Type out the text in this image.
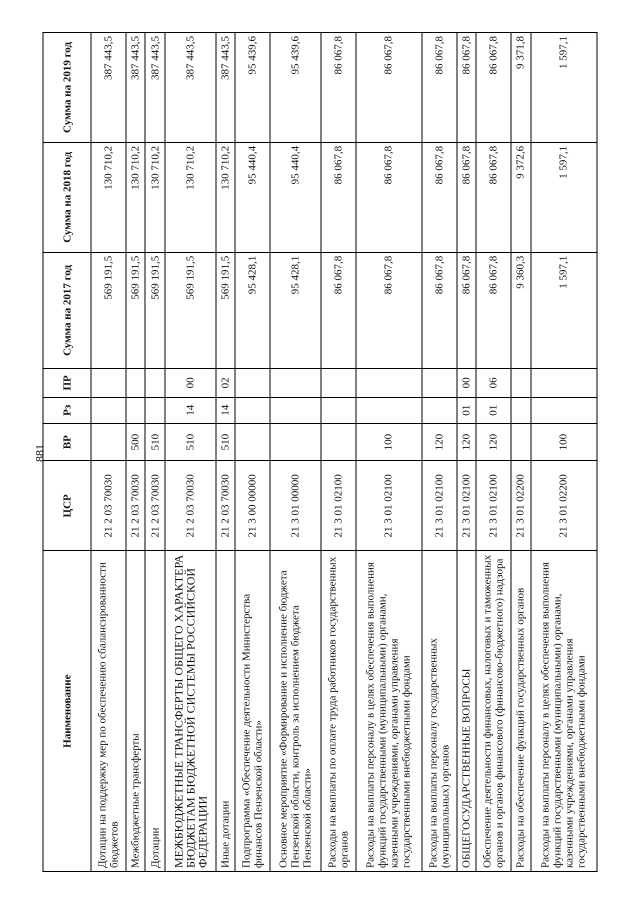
881
Наименование	ЦСР	ВР	Рз	ПР	Сумма на 2017 год	Сумма на 2018 год	Сумма на 2019 год
Дотации на поддержку мер по обеспечению сбалансированности бюджетов	21 2 03 70030				569 191,5	130 710,2	387 443,5
Межбюджетные трансферты	21 2 03 70030	500			569 191,5	130 710,2	387 443,5
Дотации	21 2 03 70030	510			569 191,5	130 710,2	387 443,5
МЕЖБЮДЖЕТНЫЕ ТРАНСФЕРТЫ ОБЩЕГО ХАРАКТЕРА БЮДЖЕТАМ БЮДЖЕТНОЙ СИСТЕМЫ РОССИЙСКОЙ ФЕДЕРАЦИИ	21 2 03 70030	510	14	00	569 191,5	130 710,2	387 443,5
Иные дотации	21 2 03 70030	510	14	02	569 191,5	130 710,2	387 443,5
Подпрограмма «Обеспечение деятельности Министерства финансов Пензенской области»	21 3 00 00000				95 428,1	95 440,4	95 439,6
Основное мероприятие «Формирование и исполнение бюджета Пензенской области, контроль за исполнением бюджета Пензенской области»	21 3 01 00000				95 428,1	95 440,4	95 439,6
Расходы на выплаты по оплате труда работников государственных органов	21 3 01 02100				86 067,8	86 067,8	86 067,8
Расходы на выплаты персоналу в целях обеспечения выполнения функций государственными (муниципальными) органами, казенными учреждениями, органами управления государственными внебюджетными фондами	21 3 01 02100	100			86 067,8	86 067,8	86 067,8
Расходы на выплаты персоналу государственных (муниципальных) органов	21 3 01 02100	120			86 067,8	86 067,8	86 067,8
ОБЩЕГОСУДАРСТВЕННЫЕ ВОПРОСЫ	21 3 01 02100	120	01	00	86 067,8	86 067,8	86 067,8
Обеспечение деятельности финансовых, налоговых и таможенных органов и органов финансового (финансово-бюджетного) надзора	21 3 01 02100	120	01	06	86 067,8	86 067,8	86 067,8
Расходы на обеспечение функций государственных органов	21 3 01 02200				9 360,3	9 372,6	9 371,8
Расходы на выплаты персоналу в целях обеспечения выполнения функций государственными (муниципальными) органами, казенными учреждениями, органами управления государственными внебюджетными фондами	21 3 01 02200	100			1 597,1	1 597,1	1 597,1
